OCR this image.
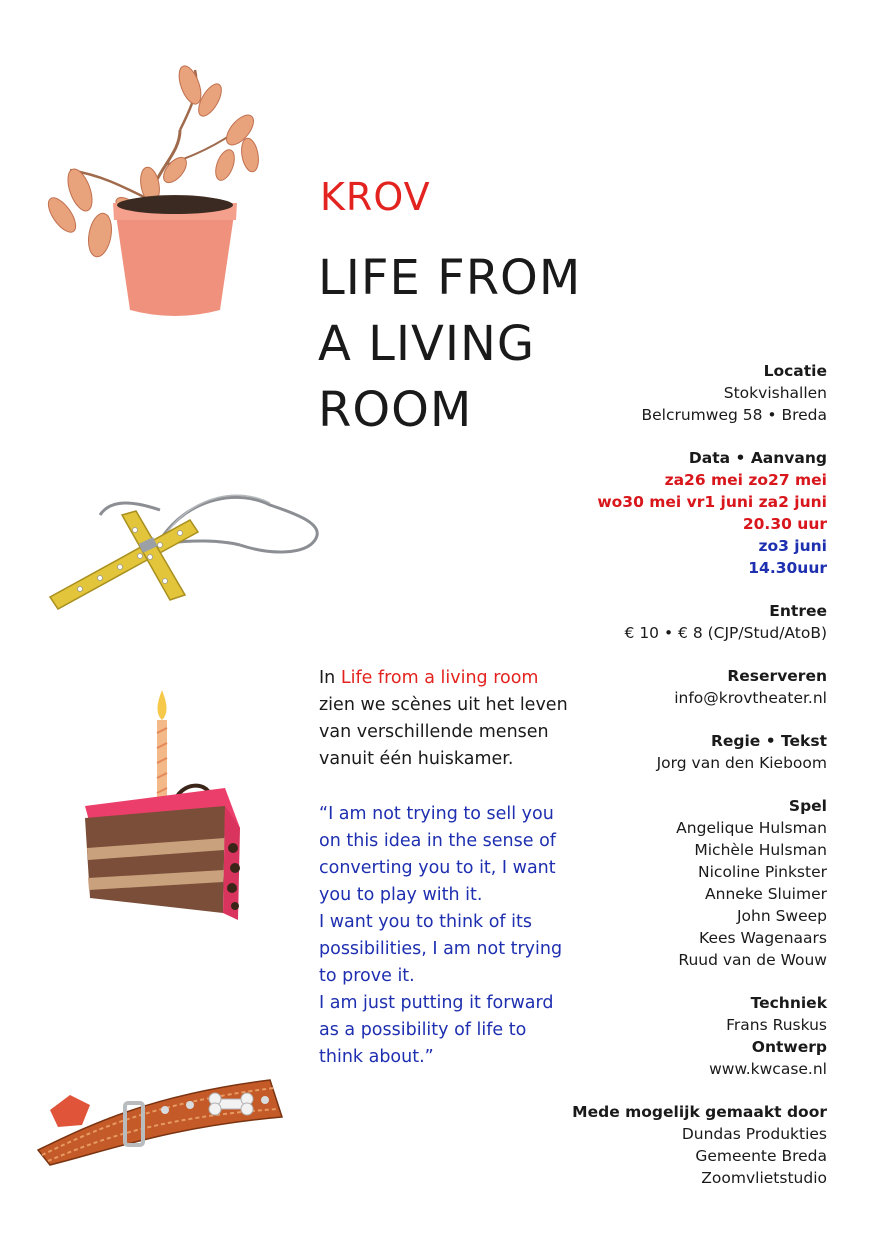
KROV
LIFE FROM
A LIVING
ROOM

In Life from a living room
zien we scènes uit het leven
van verschillende mensen
vanuit één huiskamer.

“I am not trying to sell you
on this idea in the sense of
converting you to it, I want
you to play with it.
I want you to think of its
possibilities, I am not trying
to prove it.
I am just putting it forward
as a possibility of life to
think about.”
Locatie
Stokvishallen
Belcrumweg 58 • Breda
Data • Aanvang
za26 mei zo27 mei
wo30 mei vr1 juni za2 juni
20.30 uur
zo3 juni
14.30uur
Entree
€ 10 • € 8 (CJP/Stud/AtoB)
Reserveren
info@krovtheater.nl
Regie • Tekst
Jorg van den Kieboom
Spel
Angelique Hulsman
Michèle Hulsman
Nicoline Pinkster
Anneke Sluimer
John Sweep
Kees Wagenaars
Ruud van de Wouw
Techniek
Frans Ruskus
Ontwerp
www.kwcase.nl
Mede mogelijk gemaakt door
Dundas Produkties
Gemeente Breda
Zoomvlietstudio
